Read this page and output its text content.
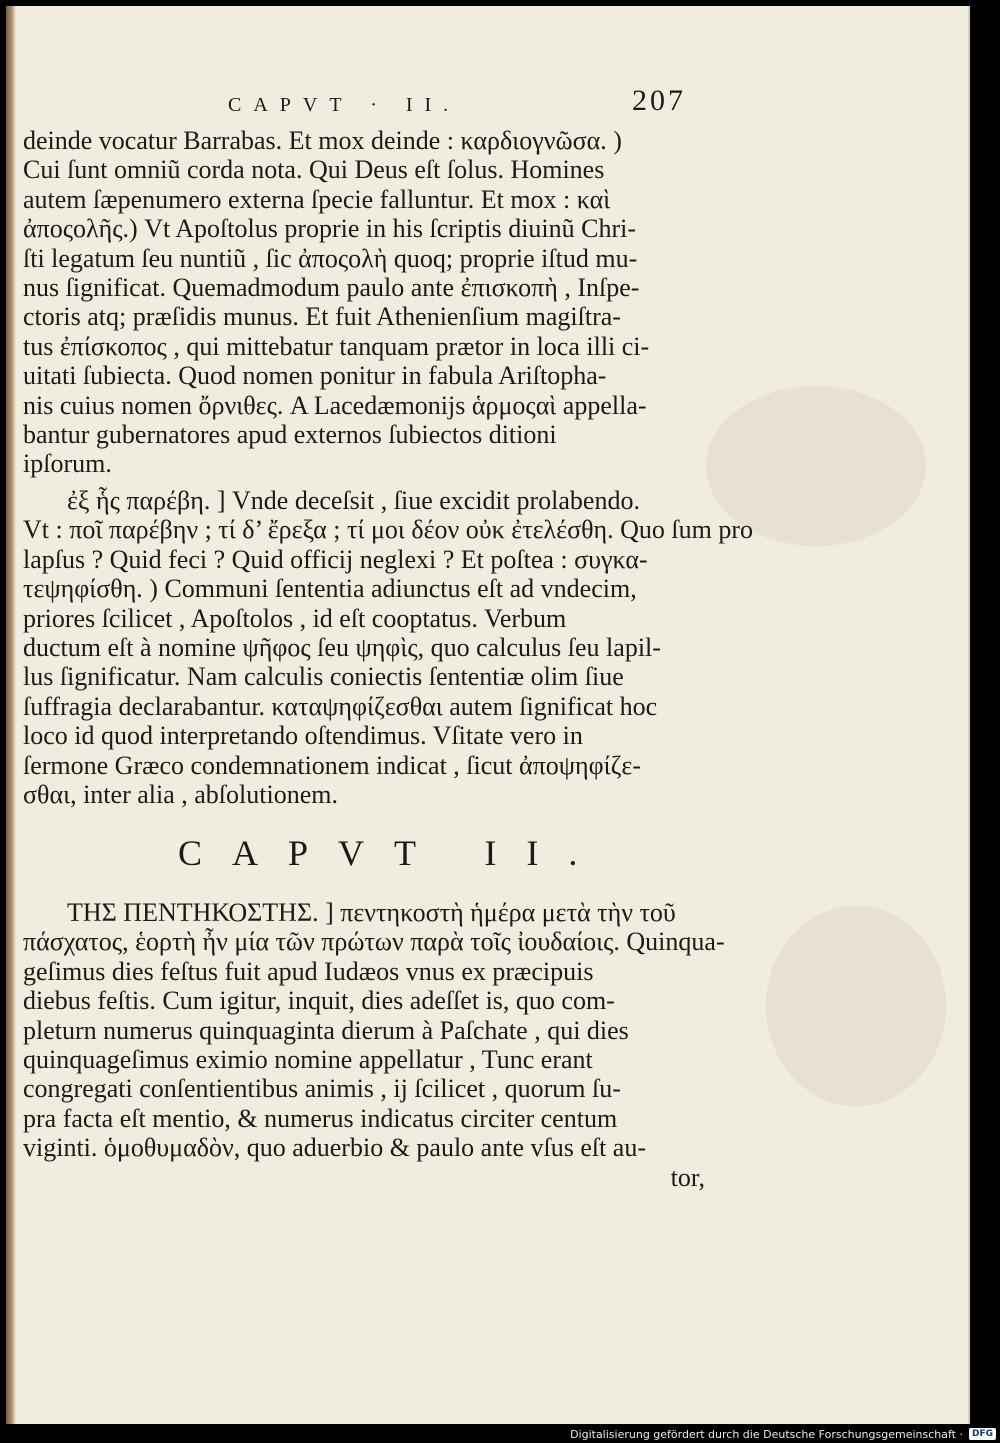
CAPVT · II.	207
deinde vocatur Barrabas. Et mox deinde : καρδιογνῶσα. )
Cui ſunt omniũ corda nota. Qui Deus eſt ſolus. Homines
autem ſæpenumero externa ſpecie falluntur. Et mox : καὶ
ἀποςολῆς.) Vt Apoſtolus proprie in his ſcriptis diuinũ Chri-
ſti legatum ſeu nuntiũ , ſic ἀποςολὴ quoq; proprie iſtud mu-
nus ſignificat. Quemadmodum paulo ante ἐπισκοπὴ , Inſpe-
ctoris atq; præſidis munus. Et fuit Athenienſium magiſtra-
tus ἐπίσκοπος , qui mittebatur tanquam prætor in loca illi ci-
uitati ſubiecta. Quod nomen ponitur in fabula Ariſtopha-
nis cuius nomen ὄρνιθες. A Lacedæmonijs ἁρμοςαὶ appella-
bantur gubernatores apud externos ſubiectos ditioni
ipſorum.
ἐξ ἧς παρέβη. ] Vnde deceſsit , ſiue excidit prolabendo.
Vt : ποῖ παρέβην ; τί δ’ ἔρεξα ; τί μοι δέον οὐκ ἐτελέσθη. Quo ſum pro
lapſus ? Quid feci ? Quid officij neglexi ? Et poſtea : συγκα-
τεψηφίσθη. ) Communi ſententia adiunctus eſt ad vndecim,
priores ſcilicet , Apoſtolos , id eſt cooptatus. Verbum
ductum eſt à nomine ψῆφος ſeu ψηφὶς, quo calculus ſeu lapil-
lus ſignificatur. Nam calculis coniectis ſententiæ olim ſiue
ſuffragia declarabantur. καταψηφίζεσθαι autem ſignificat hoc
loco id quod interpretando oſtendimus. Vſitate vero in
ſermone Græco condemnationem indicat , ſicut ἀποψηφίζε-
σθαι, inter alia , abſolutionem.
CAPVT II.
ΤΗΣ ΠΕΝΤΗΚΟΣΤΗΣ. ] πεντηκοστὴ ἡμέρα μετὰ τὴν τοῦ
πάσχατος, ἑορτὴ ἦν μία τῶν πρώτων παρὰ τοῖς ἰουδαίοις. Quinqua-
geſimus dies feſtus fuit apud Iudæos vnus ex præcipuis
diebus feſtis. Cum igitur, inquit, dies adeſſet is, quo com-
pleturn numerus quinquaginta dierum à Paſchate , qui dies
quinquageſimus eximio nomine appellatur , Tunc erant
congregati conſentientibus animis , ij ſcilicet , quorum ſu-
pra facta eſt mentio, & numerus indicatus circiter centum
viginti. ὁμοθυμαδὸν, quo aduerbio & paulo ante vſus eſt au-
tor,
Digitalisierung gefördert durch die Deutsche Forschungsgemeinschaft ·	DFG
